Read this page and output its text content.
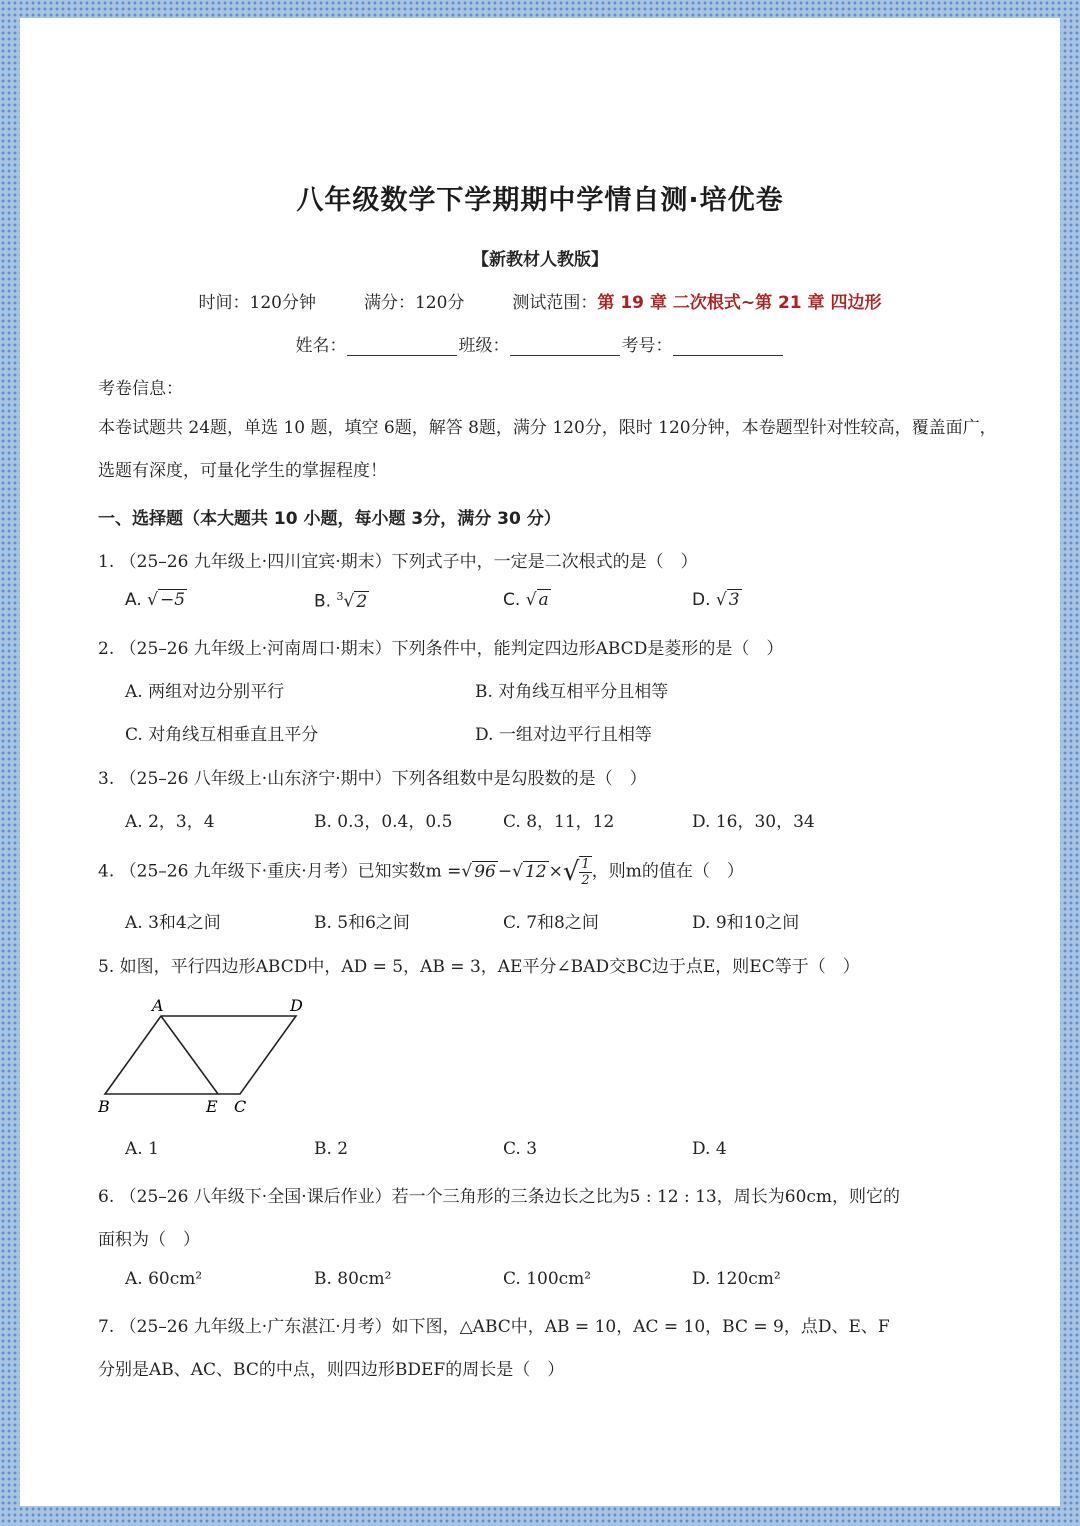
八年级数学下学期期中学情自测·培优卷
【新教材人教版】
时间：120分钟	满分：120分	测试范围：第 19 章 二次根式~第 21 章 四边形
姓名：	班级：	考号：
考卷信息：
本卷试题共 24题，单选 10 题，填空 6题，解答 8题，满分 120分，限时 120分钟，本卷题型针对性较高，覆盖面广，
选题有深度，可量化学生的掌握程度！
一、选择题（本大题共 10 小题，每小题 3分，满分 30 分）
1. （25–26 九年级上·四川宜宾·期末）下列式子中，一定是二次根式的是（　）
A. √ −5	B. $^3$√ 2	C. √ a	D. √ 3
2. （25–26 九年级上·河南周口·期末）下列条件中，能判定四边形ABCD是菱形的是（　）
A. 两组对边分别平行	B. 对角线互相平分且相等
C. 对角线互相垂直且平分	D. 一组对边平行且相等
3. （25–26 八年级上·山东济宁·期中）下列各组数中是勾股数的是（　）
A. 2，3，4	B. 0.3，0.4，0.5	C. 8，11，12	D. 16，30，34
4. （25–26 九年级下·重庆·月考）已知实数m =√ 96 −√ 12 ×√ $\frac{1}{2}$ ，则m的值在（　）
A. 3和4之间	B. 5和6之间	C. 7和8之间	D. 9和10之间
5. 如图，平行四边形ABCD中，AD = 5，AB = 3，AE平分∠BAD交BC边于点E，则EC等于（　）
A	D
B	E C
A. 1	B. 2	C. 3	D. 4
6. （25–26 八年级下·全国·课后作业）若一个三角形的三条边长之比为5 : 12 : 13，周长为60cm，则它的
面积为（　）
A. 60cm²	B. 80cm²	C. 100cm²	D. 120cm²
7. （25–26 九年级上·广东湛江·月考）如下图，△ABC中，AB = 10，AC = 10，BC = 9，点D、E、F
分别是AB、AC、BC的中点，则四边形BDEF的周长是（　）
